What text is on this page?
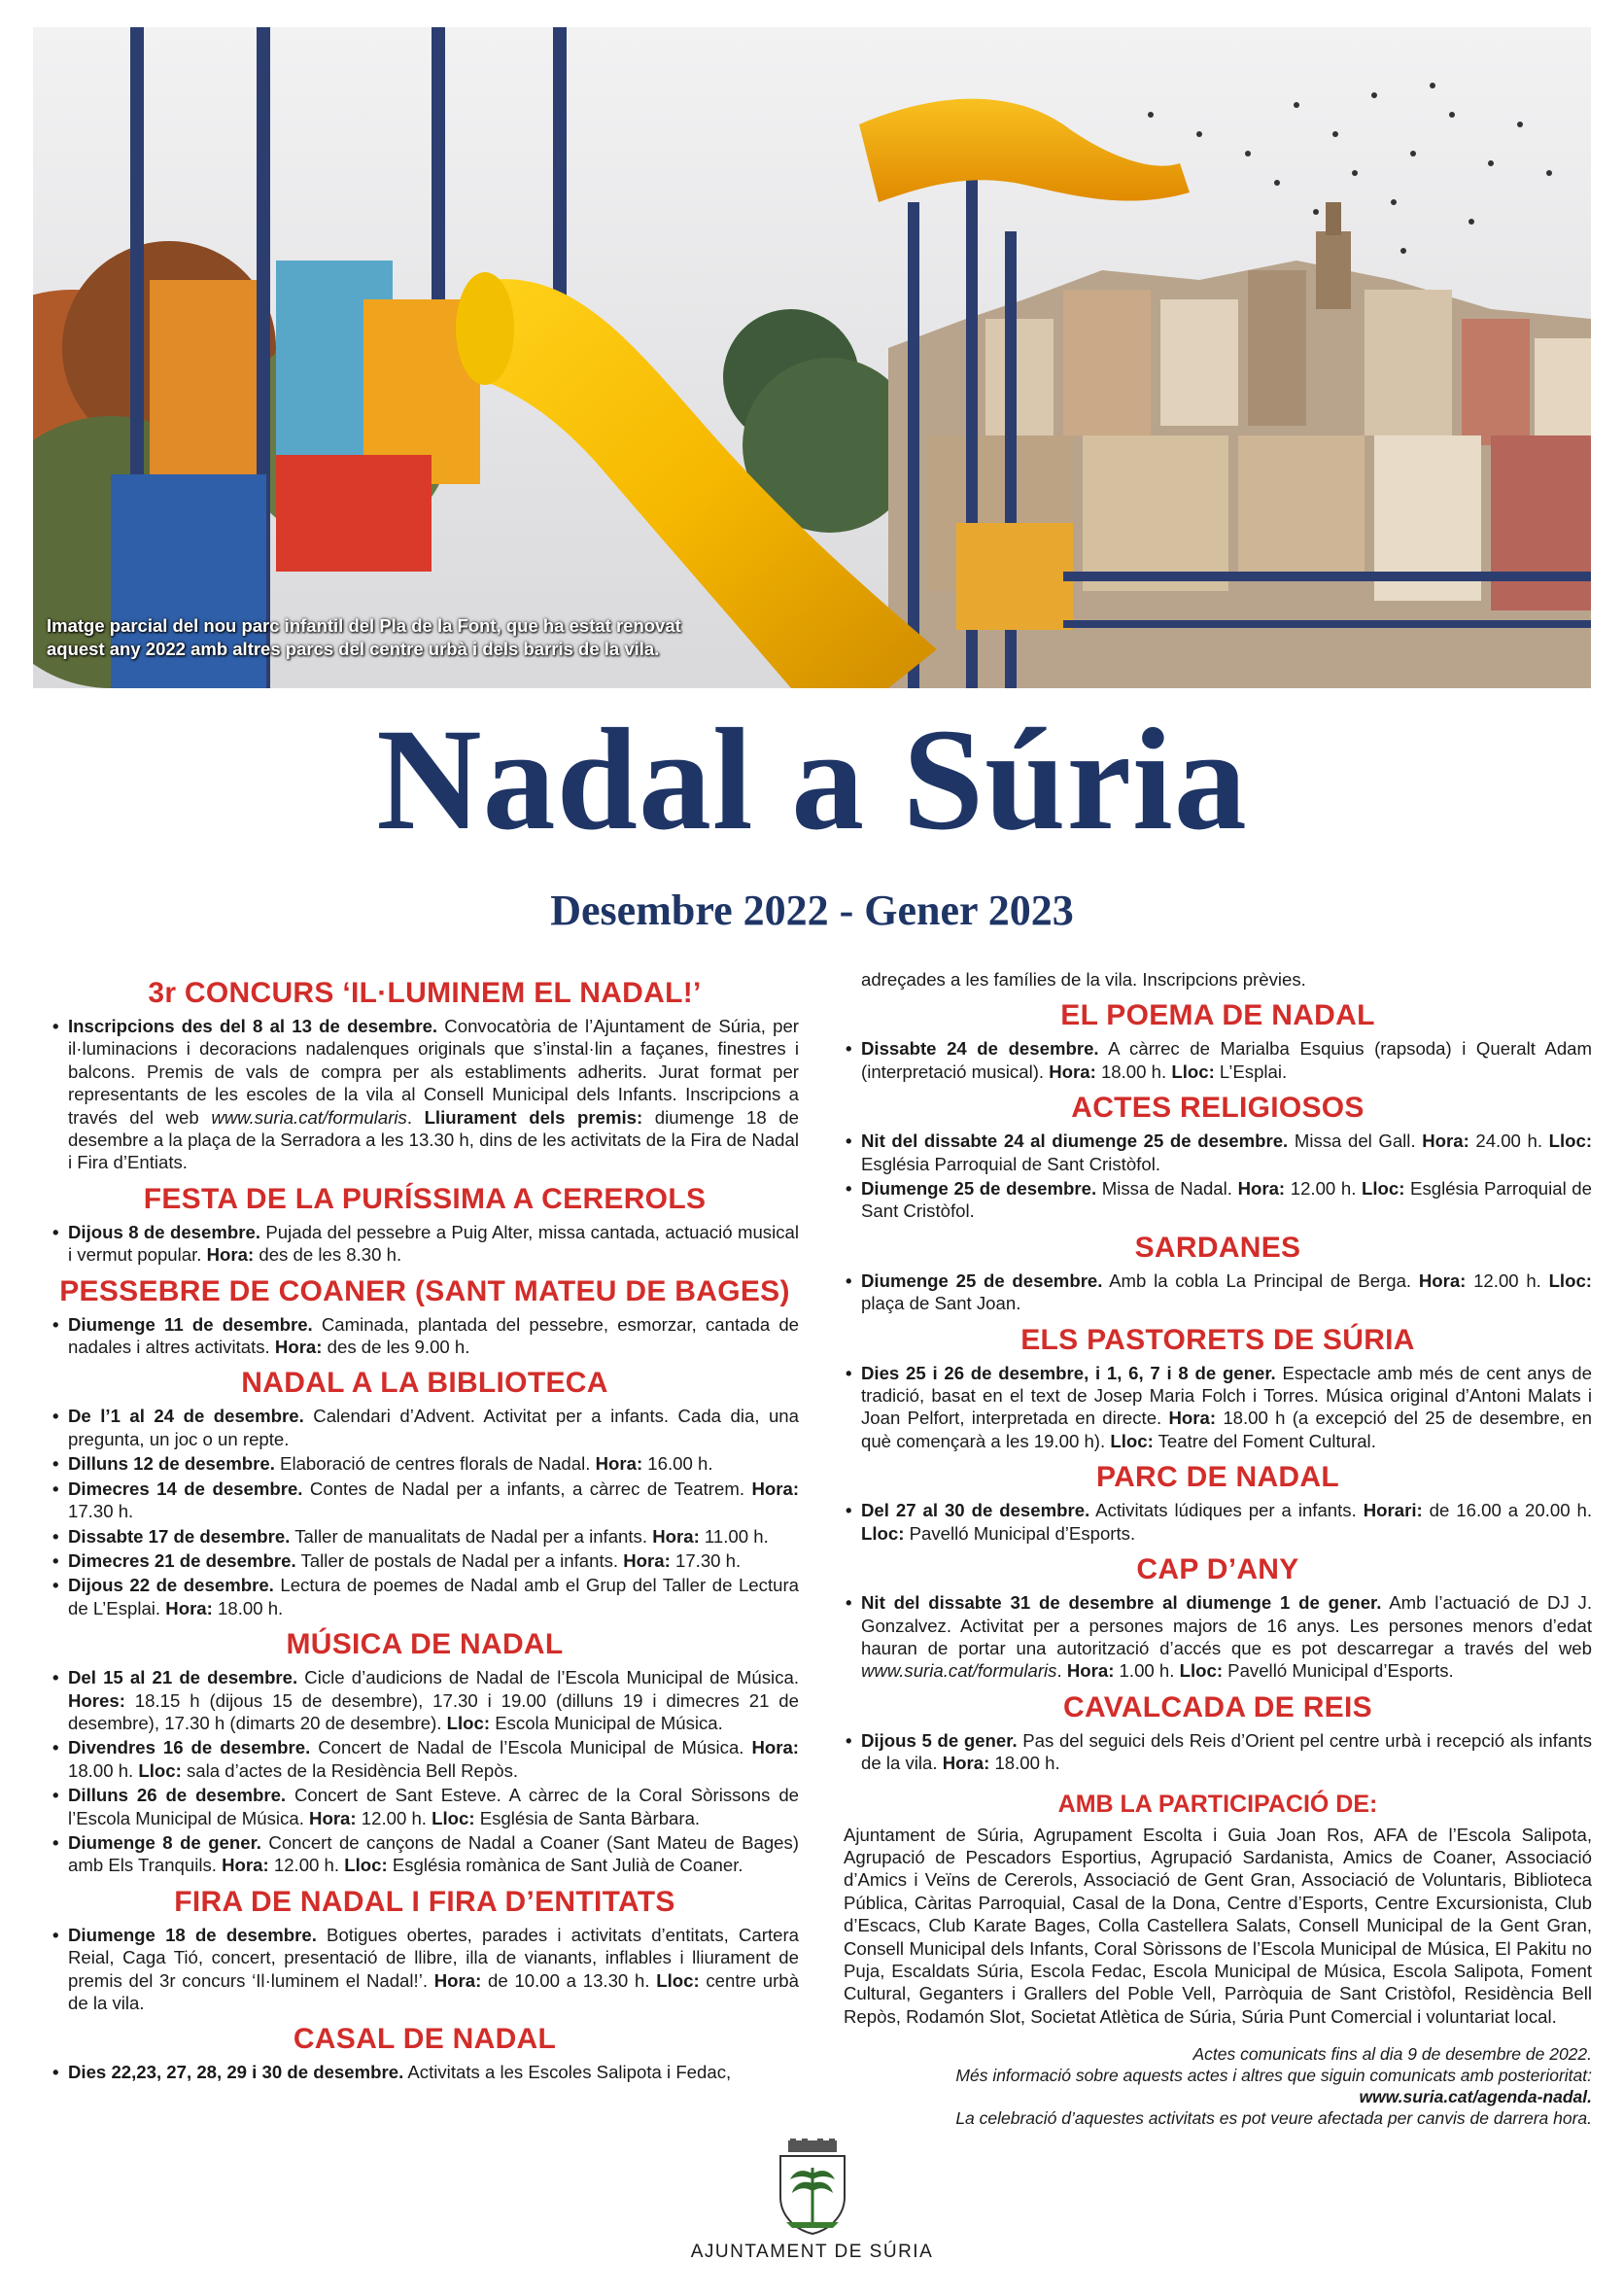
Imatge parcial del nou parc infantil del Pla de la Font, que ha estat renovat
aquest any 2022 amb altres parcs del centre urbà i dels barris de la vila.
Nadal a Súria
Desembre 2022 - Gener 2023
3r CONCURS ‘IL·LUMINEM EL NADAL!’
• Inscripcions des del 8 al 13 de desembre. Convocatòria de l’Ajuntament de Súria, per il·luminacions i decoracions nadalenques originals que s’instal·lin a façanes, finestres i balcons. Premis de vals de compra per als establiments adherits. Jurat format per representants de les escoles de la vila al Consell Municipal dels Infants. Inscripcions a través del web www.suria.cat/formularis. Lliurament dels premis: diumenge 18 de desembre a la plaça de la Serradora a les 13.30 h, dins de les activitats de la Fira de Nadal i Fira d’Entiats.
FESTA DE LA PURÍSSIMA A CEREROLS
• Dijous 8 de desembre. Pujada del pessebre a Puig Alter, missa cantada, actuació musical i vermut popular. Hora: des de les 8.30 h.
PESSEBRE DE COANER (SANT MATEU DE BAGES)
• Diumenge 11 de desembre. Caminada, plantada del pessebre, esmorzar, cantada de nadales i altres activitats. Hora: des de les 9.00 h.
NADAL A LA BIBLIOTECA
• De l’1 al 24 de desembre. Calendari d’Advent. Activitat per a infants. Cada dia, una pregunta, un joc o un repte.
• Dilluns 12 de desembre. Elaboració de centres florals de Nadal. Hora: 16.00 h.
• Dimecres 14 de desembre. Contes de Nadal per a infants, a càrrec de Teatrem. Hora: 17.30 h.
• Dissabte 17 de desembre. Taller de manualitats de Nadal per a infants. Hora: 11.00 h.
• Dimecres 21 de desembre. Taller de postals de Nadal per a infants. Hora: 17.30 h.
• Dijous 22 de desembre. Lectura de poemes de Nadal amb el Grup del Taller de Lectura de L’Esplai. Hora: 18.00 h.
MÚSICA DE NADAL
• Del 15 al 21 de desembre. Cicle d’audicions de Nadal de l’Escola Municipal de Música. Hores: 18.15 h (dijous 15 de desembre), 17.30 i 19.00 (dilluns 19 i dimecres 21 de desembre), 17.30 h (dimarts 20 de desembre). Lloc: Escola Municipal de Música.
• Divendres 16 de desembre. Concert de Nadal de l’Escola Municipal de Música. Hora: 18.00 h. Lloc: sala d’actes de la Residència Bell Repòs.
• Dilluns 26 de desembre. Concert de Sant Esteve. A càrrec de la Coral Sòrissons de l’Escola Municipal de Música. Hora: 12.00 h. Lloc: Església de Santa Bàrbara.
• Diumenge 8 de gener. Concert de cançons de Nadal a Coaner (Sant Mateu de Bages) amb Els Tranquils. Hora: 12.00 h. Lloc: Església romànica de Sant Julià de Coaner.
FIRA DE NADAL I FIRA D’ENTITATS
• Diumenge 18 de desembre. Botigues obertes, parades i activitats d’entitats, Cartera Reial, Caga Tió, concert, presentació de llibre, illa de vianants, inflables i lliurament de premis del 3r concurs ‘Il·luminem el Nadal!’. Hora: de 10.00 a 13.30 h. Lloc: centre urbà de la vila.
CASAL DE NADAL
• Dies 22,23, 27, 28, 29 i 30 de desembre. Activitats a les Escoles Salipota i Fedac,
adreçades a les famílies de la vila. Inscripcions prèvies.
EL POEMA DE NADAL
• Dissabte 24 de desembre. A càrrec de Marialba Esquius (rapsoda) i Queralt Adam (interpretació musical). Hora: 18.00 h. Lloc: L’Esplai.
ACTES RELIGIOSOS
• Nit del dissabte 24 al diumenge 25 de desembre. Missa del Gall. Hora: 24.00 h. Lloc: Església Parroquial de Sant Cristòfol.
• Diumenge 25 de desembre. Missa de Nadal. Hora: 12.00 h. Lloc: Església Parroquial de Sant Cristòfol.
SARDANES
• Diumenge 25 de desembre. Amb la cobla La Principal de Berga. Hora: 12.00 h. Lloc: plaça de Sant Joan.
ELS PASTORETS DE SÚRIA
• Dies 25 i 26 de desembre, i 1, 6, 7 i 8 de gener. Espectacle amb més de cent anys de tradició, basat en el text de Josep Maria Folch i Torres. Música original d’Antoni Malats i Joan Pelfort, interpretada en directe. Hora: 18.00 h (a excepció del 25 de desembre, en què començarà a les 19.00 h). Lloc: Teatre del Foment Cultural.
PARC DE NADAL
• Del 27 al 30 de desembre. Activitats lúdiques per a infants. Horari: de 16.00 a 20.00 h. Lloc: Pavelló Municipal d’Esports.
CAP D’ANY
• Nit del dissabte 31 de desembre al diumenge 1 de gener. Amb l’actuació de DJ J. Gonzalvez. Activitat per a persones majors de 16 anys. Les persones menors d’edat hauran de portar una autorització d’accés que es pot descarregar a través del web www.suria.cat/formularis. Hora: 1.00 h. Lloc: Pavelló Municipal d’Esports.
CAVALCADA DE REIS
• Dijous 5 de gener. Pas del seguici dels Reis d’Orient pel centre urbà i recepció als infants de la vila. Hora: 18.00 h.
AMB LA PARTICIPACIÓ DE:
Ajuntament de Súria, Agrupament Escolta i Guia Joan Ros, AFA de l’Escola Salipota, Agrupació de Pescadors Esportius, Agrupació Sardanista, Amics de Coaner, Associació d’Amics i Veïns de Cererols, Associació de Gent Gran, Associació de Voluntaris, Biblioteca Pública, Càritas Parroquial, Casal de la Dona, Centre d’Esports, Centre Excursionista, Club d’Escacs, Club Karate Bages, Colla Castellera Salats, Consell Municipal de la Gent Gran, Consell Municipal dels Infants, Coral Sòrissons de l’Escola Municipal de Música, El Pakitu no Puja, Escaldats Súria, Escola Fedac, Escola Municipal de Música, Escola Salipota, Foment Cultural, Geganters i Grallers del Poble Vell, Parròquia de Sant Cristòfol, Residència Bell Repòs, Rodamón Slot, Societat Atlètica de Súria, Súria Punt Comercial i voluntariat local.
Actes comunicats fins al dia 9 de desembre de 2022.
Més informació sobre aquests actes i altres que siguin comunicats amb posterioritat:
www.suria.cat/agenda-nadal.
La celebració d’aquestes activitats es pot veure afectada per canvis de darrera hora.
AJUNTAMENT DE SÚRIA
